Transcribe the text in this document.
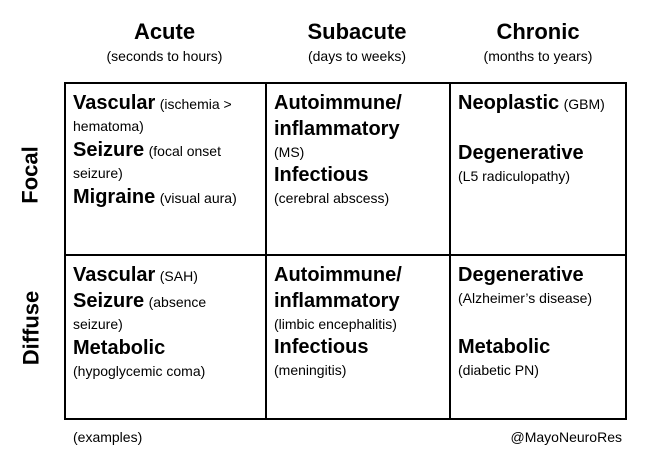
Acute
(seconds to hours)
Subacute
(days to weeks)
Chronic
(months to years)
Focal
Diffuse
Vascular (ischemia > hematoma)
Seizure (focal onset seizure)
Migraine (visual aura)
Autoimmune/ inflammatory
(MS)
Infectious
(cerebral abscess)
Neoplastic (GBM)
Degenerative
(L5 radiculopathy)
Vascular (SAH)
Seizure (absence seizure)
Metabolic
(hypoglycemic coma)
Autoimmune/ inflammatory
(limbic encephalitis)
Infectious
(meningitis)
Degenerative
(Alzheimer’s disease)
Metabolic
(diabetic PN)
(examples)	@MayoNeuroRes
